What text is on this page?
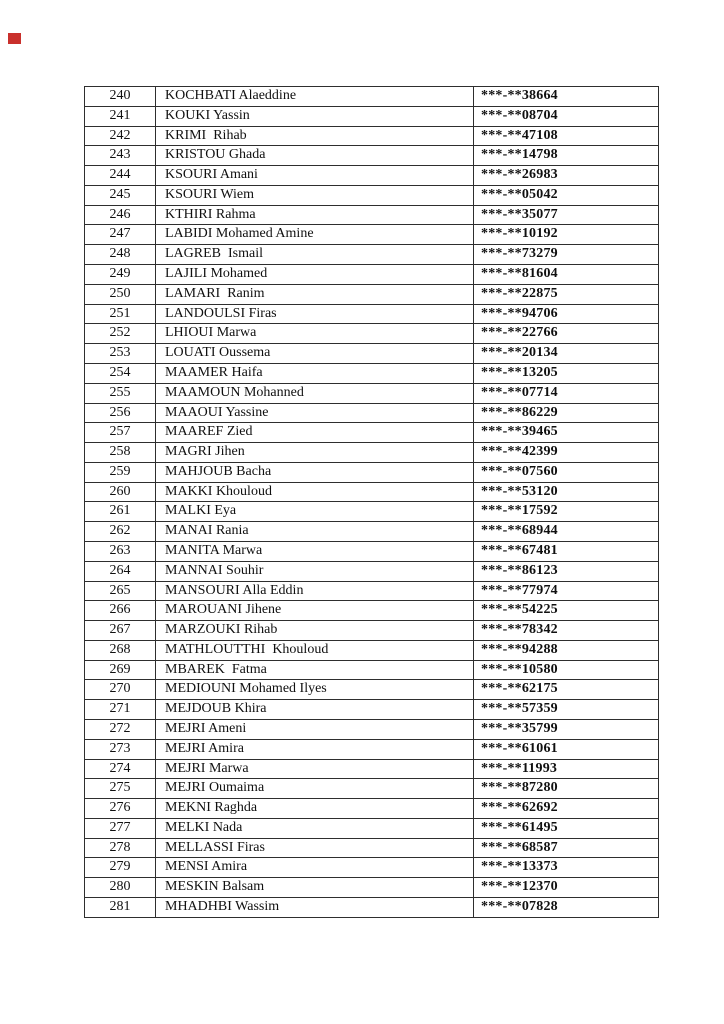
240	KOCHBATI Alaeddine	***-**38664
241	KOUKI Yassin	***-**08704
242	KRIMI  Rihab	***-**47108
243	KRISTOU Ghada	***-**14798
244	KSOURI Amani	***-**26983
245	KSOURI Wiem	***-**05042
246	KTHIRI Rahma	***-**35077
247	LABIDI Mohamed Amine	***-**10192
248	LAGREB  Ismail	***-**73279
249	LAJILI Mohamed	***-**81604
250	LAMARI  Ranim	***-**22875
251	LANDOULSI Firas	***-**94706
252	LHIOUI Marwa	***-**22766
253	LOUATI Oussema	***-**20134
254	MAAMER Haifa	***-**13205
255	MAAMOUN Mohanned	***-**07714
256	MAAOUI Yassine	***-**86229
257	MAAREF Zied	***-**39465
258	MAGRI Jihen	***-**42399
259	MAHJOUB Bacha	***-**07560
260	MAKKI Khouloud	***-**53120
261	MALKI Eya	***-**17592
262	MANAI Rania	***-**68944
263	MANITA Marwa	***-**67481
264	MANNAI Souhir	***-**86123
265	MANSOURI Alla Eddin	***-**77974
266	MAROUANI Jihene	***-**54225
267	MARZOUKI Rihab	***-**78342
268	MATHLOUTTHI  Khouloud	***-**94288
269	MBAREK  Fatma	***-**10580
270	MEDIOUNI Mohamed Ilyes	***-**62175
271	MEJDOUB Khira	***-**57359
272	MEJRI Ameni	***-**35799
273	MEJRI Amira	***-**61061
274	MEJRI Marwa	***-**11993
275	MEJRI Oumaima	***-**87280
276	MEKNI Raghda	***-**62692
277	MELKI Nada	***-**61495
278	MELLASSI Firas	***-**68587
279	MENSI Amira	***-**13373
280	MESKIN Balsam	***-**12370
281	MHADHBI Wassim	***-**07828
